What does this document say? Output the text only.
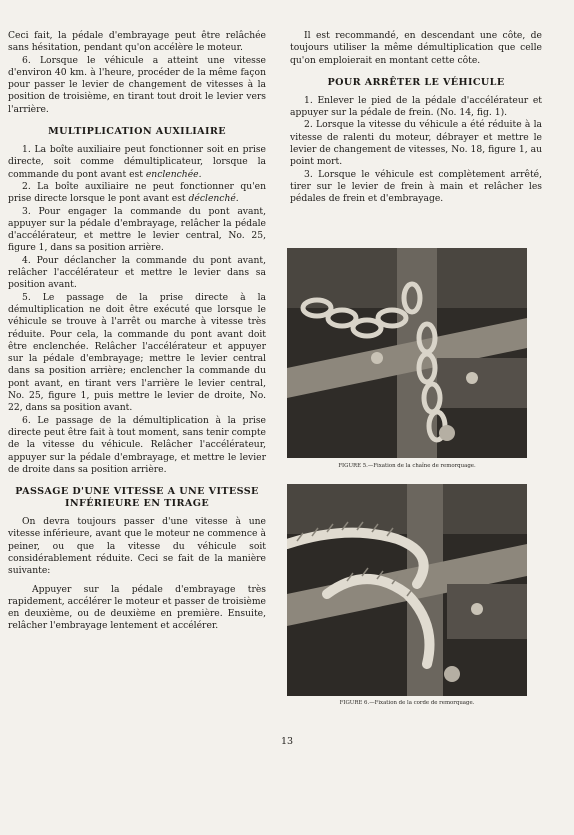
Ceci fait, la pédale d'embrayage peut être relâchée sans hésitation, pendant qu'on accélère le moteur.

6. Lorsque le véhicule a atteint une vitesse d'environ 40 km. à l'heure, procéder de la même façon pour passer le levier de changement de vitesses à la position de troisième, en tirant tout droit le levier vers l'arrière.

MULTIPLICATION AUXILIAIRE

1. La boîte auxiliaire peut fonctionner soit en prise directe, soit comme démultiplicateur, lorsque la commande du pont avant est enclenchée.

2. La boîte auxiliaire ne peut fonctionner qu'en prise directe lorsque le pont avant est déclenché.

3. Pour engager la commande du pont avant, appuyer sur la pédale d'embrayage, relâcher la pédale d'accélérateur, et mettre le levier central, No. 25, figure 1, dans sa position arrière.

4. Pour déclancher la commande du pont avant, relâcher l'accélérateur et mettre le levier dans sa position avant.

5. Le passage de la prise directe à la démultiplication ne doit être exécuté que lorsque le véhicule se trouve à l'arrêt ou marche à vitesse très réduite. Pour cela, la commande du pont avant doit être enclenchée. Relâcher l'accélérateur et appuyer sur la pédale d'embrayage; mettre le levier central dans sa position arrière; enclencher la commande du pont avant, en tirant vers l'arrière le levier central, No. 25, figure 1, puis mettre le levier de droite, No. 22, dans sa position avant.

6. Le passage de la démultiplication à la prise directe peut être fait à tout moment, sans tenir compte de la vitesse du véhicule. Relâcher l'accélérateur, appuyer sur la pédale d'embrayage, et mettre le levier de droite dans sa position arrière.

PASSAGE D'UNE VITESSE A UNE VITESSE INFÉRIEURE EN TIRAGE

On devra toujours passer d'une vitesse à une vitesse inférieure, avant que le moteur ne commence à peiner, ou que la vitesse du véhicule soit considérablement réduite. Ceci se fait de la manière suivante:

Appuyer sur la pédale d'embrayage très rapidement, accélérer le moteur et passer de troisième en deuxième, ou de deuxième en première. Ensuite, relâcher l'embrayage lentement et accélérer.

Il est recommandé, en descendant une côte, de toujours utiliser la même démultiplication que celle qu'on emploierait en montant cette côte.

POUR ARRÊTER LE VÉHICULE

1. Enlever le pied de la pédale d'accélérateur et appuyer sur la pédale de frein. (No. 14, fig. 1).

2. Lorsque la vitesse du véhicule a été réduite à la vitesse de ralenti du moteur, débrayer et mettre le levier de changement de vitesses, No. 18, figure 1, au point mort.

3. Lorsque le véhicule est complètement arrêté, tirer sur le levier de frein à main et relâcher les pédales de frein et d'embrayage.

FIGURE 5.—Fixation de la chaîne de remorquage.
FIGURE 6.—Fixation de la corde de remorquage.
13
